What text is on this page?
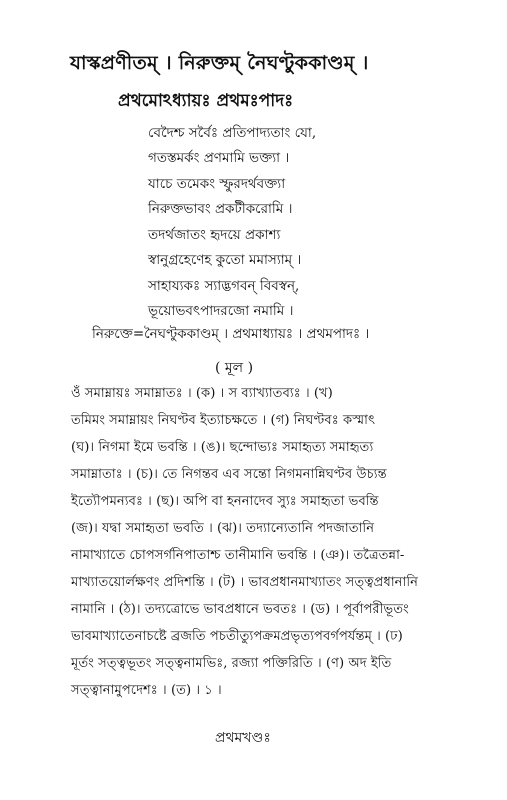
যাস্কপ্রণীতম্ । নিরুক্তম্ নৈঘণ্টুককাণ্ডম্ ।
প্রথমোঽধ্যায়ঃ প্রথমঃপাদঃ
বেদৈশ্চ সর্বৈঃ প্রতিপাদ্যতাং যো,
গতস্তমর্কং প্রণমামি ভক্ত্যা ।
যাচে তমেকং স্ফুরদর্থবক্ত্যা
নিরুক্তভাবং প্রকটীকরোমি ।
তদর্থজাতং হৃদয়ে প্রকাশ্য
স্বানুগ্রহেণেহ কুতো মমাস্যাম্ ।
সাহায্যকঃ স্যাদ্ভগবন্ বিবস্বন্,
ভূয়োভবৎপাদরজো নমামি ।
নিরুক্তে=নৈঘণ্টুককাণ্ডম্ । প্রথমাধ্যায়ঃ । প্রথমপাদঃ ।
( মূল )
ওঁ সমাম্নায়ঃ সমাম্নাতঃ । (ক) । স ব্যাখ্যাতব্যঃ । (খ)
তমিমং সমাম্নায়ং নিঘণ্টব ইত্যাচক্ষতে । (গ) নিঘণ্টবঃ কস্মাৎ
(ঘ)। নিগমা ইমে ভবন্তি । (ঙ)। ছন্দোভ্যঃ সমাহৃত্য সমাহৃত্য
সমাম্নাতাঃ । (চ)। তে নিগন্তব এব সন্তো নিগমনান্নিঘণ্টব উচ্যন্ত
ইত্যৌপমন্যবঃ । (ছ)। অপি বা হননাদেব স্যুঃ সমাহৃতা ভবন্তি
(জ)। যদ্বা সমাহৃতা ভবতি । (ঝ)। তদ্যান্যেতানি পদজাতানি
নামাখ্যাতে চোপসর্গনিপাতাশ্চ তানীমানি ভবন্তি । (ঞ)। তত্রৈতন্না-
মাখ্যাতয়োর্লক্ষণং প্রদিশন্তি । (ট) । ভাবপ্রধানমাখ্যাতং সত্ত্বপ্রধানানি
নামানি । (ঠ)। তদ্যত্রোভে ভাবপ্রধানে ভবতঃ । (ড) । পূর্বাপরীভূতং
ভাবমাখ্যাতেনাচষ্টে ব্রজতি পচতীত্যুপক্রমপ্রভৃত্যপবর্গপর্যন্তম্ । (ঢ)
মূর্তং সত্ত্বভূতং সত্ত্বনামভিঃ, রজ্যা পক্তিরিতি । (ণ) অদ ইতি
সত্ত্বানামুপদেশঃ । (ত) । ১ ।
প্রথমখণ্ডঃ
